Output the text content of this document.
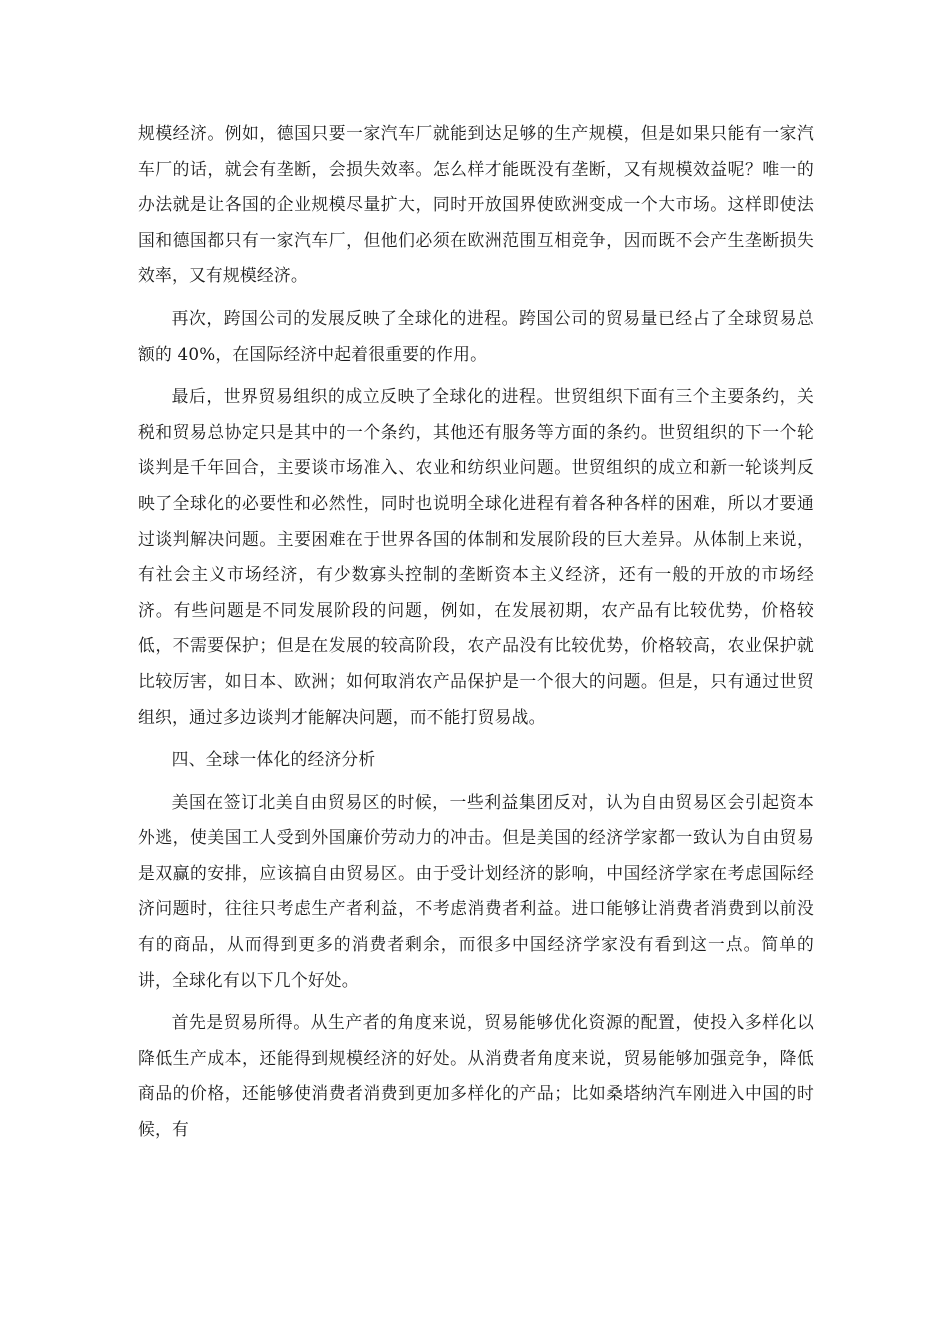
规模经济。例如，德国只要一家汽车厂就能到达足够的生产规模，但是如果只能有一家汽车厂的话，就会有垄断，会损失效率。怎么样才能既没有垄断，又有规模效益呢？唯一的办法就是让各国的企业规模尽量扩大，同时开放国界使欧洲变成一个大市场。这样即使法国和德国都只有一家汽车厂，但他们必须在欧洲范围互相竞争，因而既不会产生垄断损失效率，又有规模经济。

再次，跨国公司的发展反映了全球化的进程。跨国公司的贸易量已经占了全球贸易总额的 40%，在国际经济中起着很重要的作用。

最后，世界贸易组织的成立反映了全球化的进程。世贸组织下面有三个主要条约，关税和贸易总协定只是其中的一个条约，其他还有服务等方面的条约。世贸组织的下一个轮谈判是千年回合，主要谈市场准入、农业和纺织业问题。世贸组织的成立和新一轮谈判反映了全球化的必要性和必然性，同时也说明全球化进程有着各种各样的困难，所以才要通过谈判解决问题。主要困难在于世界各国的体制和发展阶段的巨大差异。从体制上来说，有社会主义市场经济，有少数寡头控制的垄断资本主义经济，还有一般的开放的市场经济。有些问题是不同发展阶段的问题，例如，在发展初期，农产品有比较优势，价格较低，不需要保护；但是在发展的较高阶段，农产品没有比较优势，价格较高，农业保护就比较厉害，如日本、欧洲；如何取消农产品保护是一个很大的问题。但是，只有通过世贸组织，通过多边谈判才能解决问题，而不能打贸易战。

四、全球一体化的经济分析

美国在签订北美自由贸易区的时候，一些利益集团反对，认为自由贸易区会引起资本外逃，使美国工人受到外国廉价劳动力的冲击。但是美国的经济学家都一致认为自由贸易是双赢的安排，应该搞自由贸易区。由于受计划经济的影响，中国经济学家在考虑国际经济问题时，往往只考虑生产者利益，不考虑消费者利益。进口能够让消费者消费到以前没有的商品，从而得到更多的消费者剩余，而很多中国经济学家没有看到这一点。简单的讲，全球化有以下几个好处。

首先是贸易所得。从生产者的角度来说，贸易能够优化资源的配置，使投入多样化以降低生产成本，还能得到规模经济的好处。从消费者角度来说，贸易能够加强竞争，降低商品的价格，还能够使消费者消费到更加多样化的产品；比如桑塔纳汽车刚进入中国的时候，有
